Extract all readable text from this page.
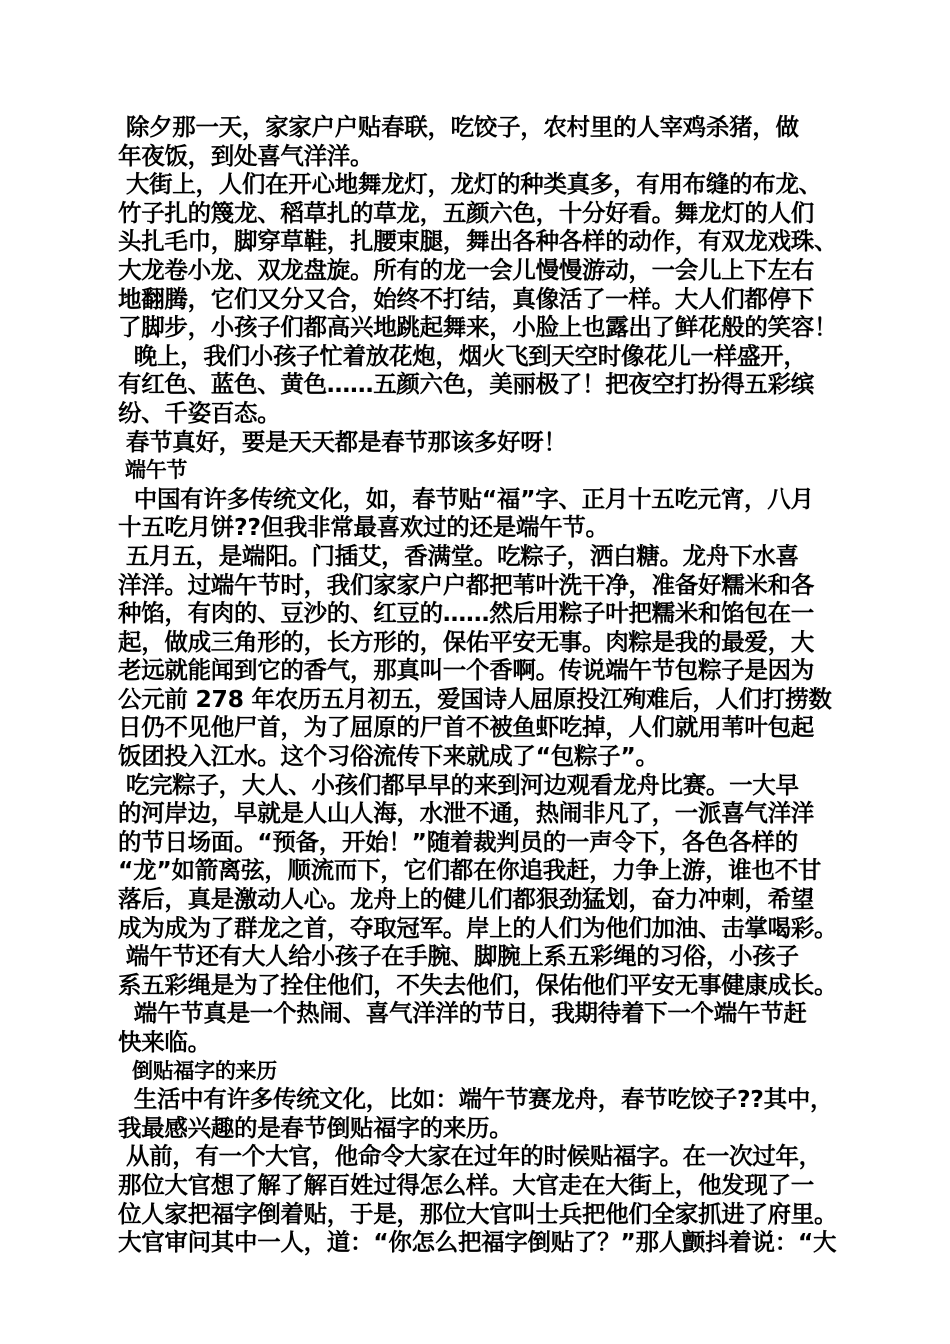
除夕那一天，家家户户贴春联，吃饺子，农村里的人宰鸡杀猪，做
年夜饭，到处喜气洋洋。
大街上，人们在开心地舞龙灯，龙灯的种类真多，有用布缝的布龙、
竹子扎的篾龙、稻草扎的草龙，五颜六色，十分好看。舞龙灯的人们
头扎毛巾，脚穿草鞋，扎腰束腿，舞出各种各样的动作，有双龙戏珠、
大龙卷小龙、双龙盘旋。所有的龙一会儿慢慢游动，一会儿上下左右
地翻腾，它们又分又合，始终不打结，真像活了一样。大人们都停下
了脚步，小孩子们都高兴地跳起舞来，小脸上也露出了鲜花般的笑容！
晚上，我们小孩子忙着放花炮，烟火飞到天空时像花儿一样盛开，
有红色、蓝色、黄色……五颜六色，美丽极了！把夜空打扮得五彩缤
纷、千姿百态。
春节真好，要是天天都是春节那该多好呀！
端午节
中国有许多传统文化，如，春节贴“福”字、正月十五吃元宵，八月
十五吃月饼??但我非常最喜欢过的还是端午节。
五月五，是端阳。门插艾，香满堂。吃粽子，洒白糖。龙舟下水喜
洋洋。过端午节时，我们家家户户都把苇叶洗干净，准备好糯米和各
种馅，有肉的、豆沙的、红豆的……然后用粽子叶把糯米和馅包在一
起，做成三角形的，长方形的，保佑平安无事。肉粽是我的最爱，大
老远就能闻到它的香气，那真叫一个香啊。传说端午节包粽子是因为
公元前 278 年农历五月初五，爱国诗人屈原投江殉难后，人们打捞数
日仍不见他尸首，为了屈原的尸首不被鱼虾吃掉，人们就用苇叶包起
饭团投入江水。这个习俗流传下来就成了“包粽子”。
吃完粽子，大人、小孩们都早早的来到河边观看龙舟比赛。一大早
的河岸边，早就是人山人海，水泄不通，热闹非凡了，一派喜气洋洋
的节日场面。“预备，开始！”随着裁判员的一声令下，各色各样的
“龙”如箭离弦，顺流而下，它们都在你追我赶，力争上游，谁也不甘
落后，真是激动人心。龙舟上的健儿们都狠劲猛划，奋力冲刺，希望
成为成为了群龙之首，夺取冠军。岸上的人们为他们加油、击掌喝彩。
端午节还有大人给小孩子在手腕、脚腕上系五彩绳的习俗，小孩子
系五彩绳是为了拴住他们，不失去他们，保佑他们平安无事健康成长。
端午节真是一个热闹、喜气洋洋的节日，我期待着下一个端午节赶
快来临。
倒贴福字的来历
生活中有许多传统文化，比如：端午节赛龙舟，春节吃饺子??其中，
我最感兴趣的是春节倒贴福字的来历。
从前，有一个大官，他命令大家在过年的时候贴福字。在一次过年，
那位大官想了解了解百姓过得怎么样。大官走在大街上，他发现了一
位人家把福字倒着贴，于是，那位大官叫士兵把他们全家抓进了府里。
大官审问其中一人，道：“你怎么把福字倒贴了？”那人颤抖着说：“大
